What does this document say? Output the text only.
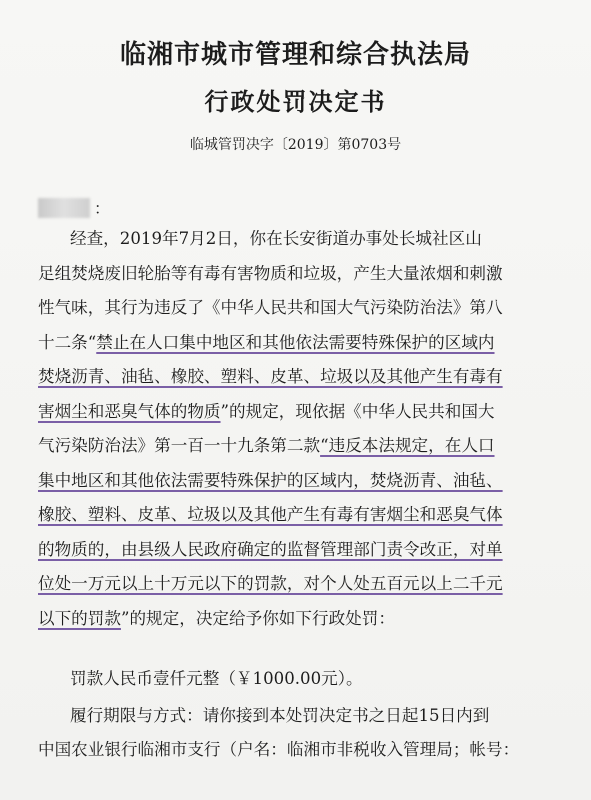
临湘市城市管理和综合执法局
行政处罚决定书
临城管罚决字〔2019〕第0703号
：
经查，2019年7月2日，你在长安街道办事处长城社区山
足组焚烧废旧轮胎等有毒有害物质和垃圾，产生大量浓烟和刺激
性气味，其行为违反了《中华人民共和国大气污染防治法》第八
十二条“禁止在人口集中地区和其他依法需要特殊保护的区域内
焚烧沥青、油毡、橡胶、塑料、皮革、垃圾以及其他产生有毒有
害烟尘和恶臭气体的物质”的规定，现依据《中华人民共和国大
气污染防治法》第一百一十九条第二款“违反本法规定，在人口
集中地区和其他依法需要特殊保护的区域内，焚烧沥青、油毡、
橡胶、塑料、皮革、垃圾以及其他产生有毒有害烟尘和恶臭气体
的物质的，由县级人民政府确定的监督管理部门责令改正，对单
位处一万元以上十万元以下的罚款，对个人处五百元以上二千元
以下的罚款”的规定，决定给予你如下行政处罚：
罚款人民币壹仟元整（￥1000.00元）。
履行期限与方式：请你接到本处罚决定书之日起15日内到
中国农业银行临湘市支行（户名：临湘市非税收入管理局；帐号：
